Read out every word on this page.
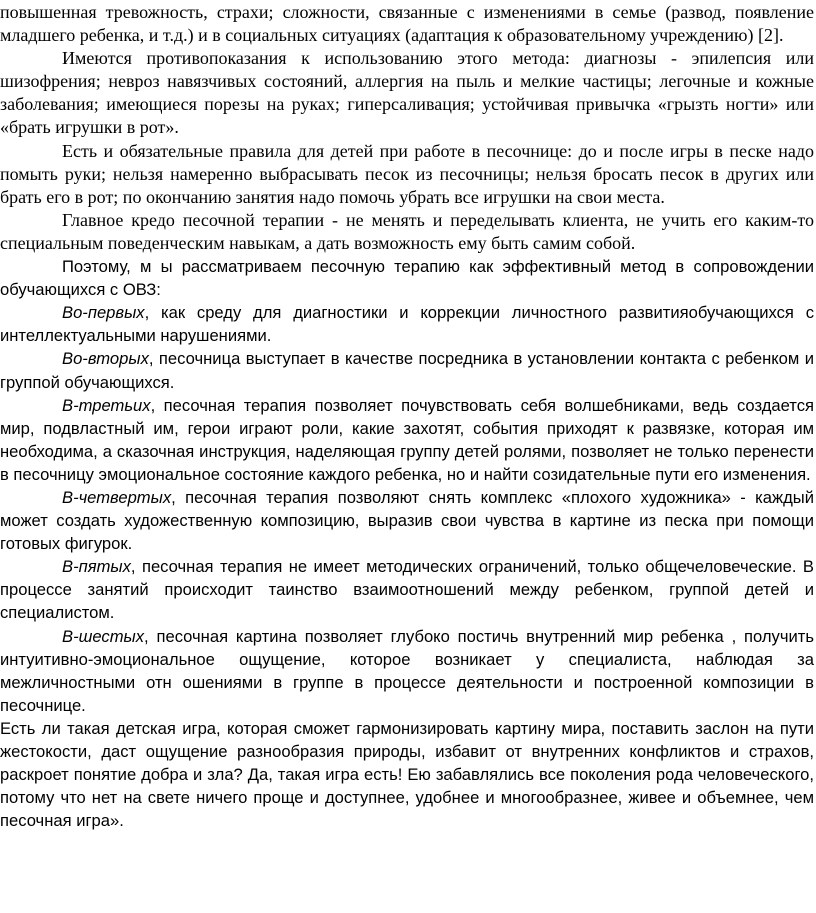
повышенная тревожность, страхи; сложности, связанные с изменениями в семье (развод, появление младшего ребенка, и т.д.) и в социальных ситуациях (адаптация к образовательному учреждению) [2].

Имеются противопоказания к использованию этого метода: диагнозы - эпилепсия или шизофрения; невроз навязчивых состояний, аллергия на пыль и мелкие частицы; легочные и кожные заболевания; имеющиеся порезы на руках; гиперсаливация; устойчивая привычка «грызть ногти» или «брать игрушки в рот».

Есть и обязательные правила для детей при работе в песочнице: до и после игры в песке надо помыть руки; нельзя намеренно выбрасывать песок из песочницы; нельзя бросать песок в других или брать его в рот; по окончанию занятия надо помочь убрать все игрушки на свои места.

Главное кредо песочной терапии - не менять и переделывать клиента, не учить его каким-то специальным поведенческим навыкам, а дать возможность ему быть самим собой.

Поэтому, м ы рассматриваем песочную терапию как эффективный метод в сопровождении обучающихся с ОВЗ:

Во-первых, как среду для диагностики и коррекции личностного развитияобучающихся с интеллектуальными нарушениями.

Во-вторых, песочница выступает в качестве посредника в установлении контакта с ребенком и группой обучающихся.

В-третьих, песочная терапия позволяет почувствовать себя волшебниками, ведь создается мир, подвластный им, герои играют роли, какие захотят, события приходят к развязке, которая им необходима, а сказочная инструкция, наделяющая группу детей ролями, позволяет не только перенести в песочницу эмоциональное состояние каждого ребенка, но и найти созидательные пути его изменения.

В-четвертых, песочная терапия позволяют снять комплекс «плохого художника» - каждый может создать художественную композицию, выразив свои чувства в картине из песка при помощи готовых фигурок.

В-пятых, песочная терапия не имеет методических ограничений, только общечеловеческие. В процессе занятий происходит таинство взаимоотношений между ребенком, группой детей и специалистом.

В-шестых, песочная картина позволяет глубоко постичь внутренний мир ребенка , получить интуитивно-эмоциональное ощущение, которое возникает у специалиста, наблюдая за межличностными отн ошениями в группе в процессе деятельности и построенной композиции в песочнице.

Есть ли такая детская игра, которая сможет гармонизировать картину мира, поставить заслон на пути жестокости, даст ощущение разнообразия природы, избавит от внутренних конфликтов и страхов, раскроет понятие добра и зла? Да, такая игра есть! Ею забавлялись все поколения рода человеческого, потому что нет на свете ничего проще и доступнее, удобнее и многообразнее, живее и объемнее, чем песочная игра».
